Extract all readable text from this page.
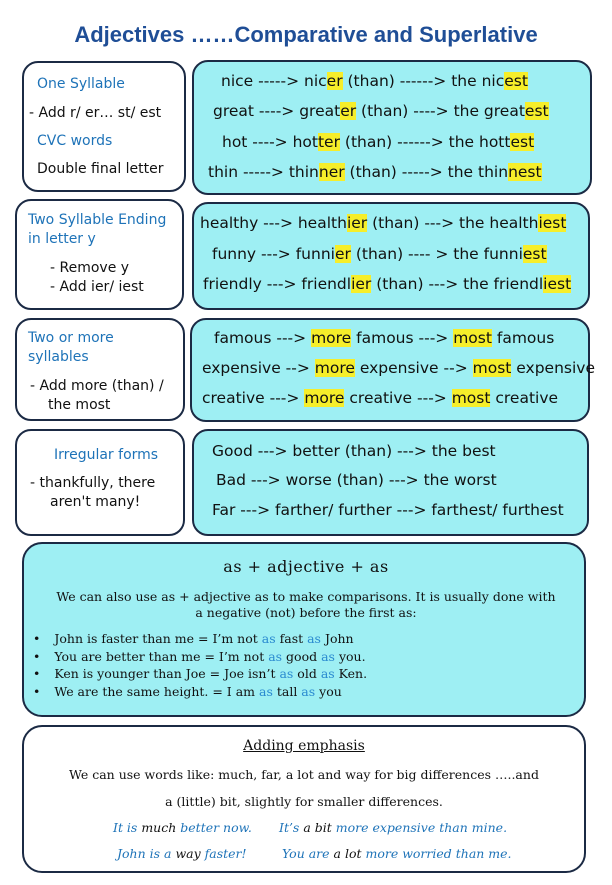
Adjectives ……Comparative and Superlative
One Syllable
- Add r/ er… st/ est
CVC words
Double final letter
nice -----> nicer (than) ------> the nicest
great ----> greater (than) ----> the greatest
hot ----> hotter (than) ------> the hottest
thin -----> thinner (than) -----> the thinnest
Two Syllable Ending
in letter y
- Remove y
- Add ier/ iest
healthy ---> healthier (than) ---> the healthiest
funny ---> funnier (than) ---- > the funniest
friendly ---> friendlier (than) ---> the friendliest
Two or more
syllables
- Add more (than) /
the most
famous ---> more famous ---> most famous
expensive --> more expensive --> most expensive
creative ---> more creative ---> most creative
Irregular forms
- thankfully, there
aren't many!
Good ---> better (than) ---> the best
Bad ---> worse (than) ---> the worst
Far ---> farther/ further ---> farthest/ furthest
as + adjective + as
We can also use as + adjective as to make comparisons. It is usually done with
a negative (not) before the first as:
• John is faster than me = I’m not as fast as John
• You are better than me = I’m not as good as you.
• Ken is younger than Joe = Joe isn’t as old as Ken.
• We are the same height. = I am as tall as you
Adding emphasis
We can use words like: much, far, a lot and way for big differences …..and
a (little) bit, slightly for smaller differences.
It is much better now. It’s a bit more expensive than mine.
John is a way faster!	You are a lot more worried than me.
